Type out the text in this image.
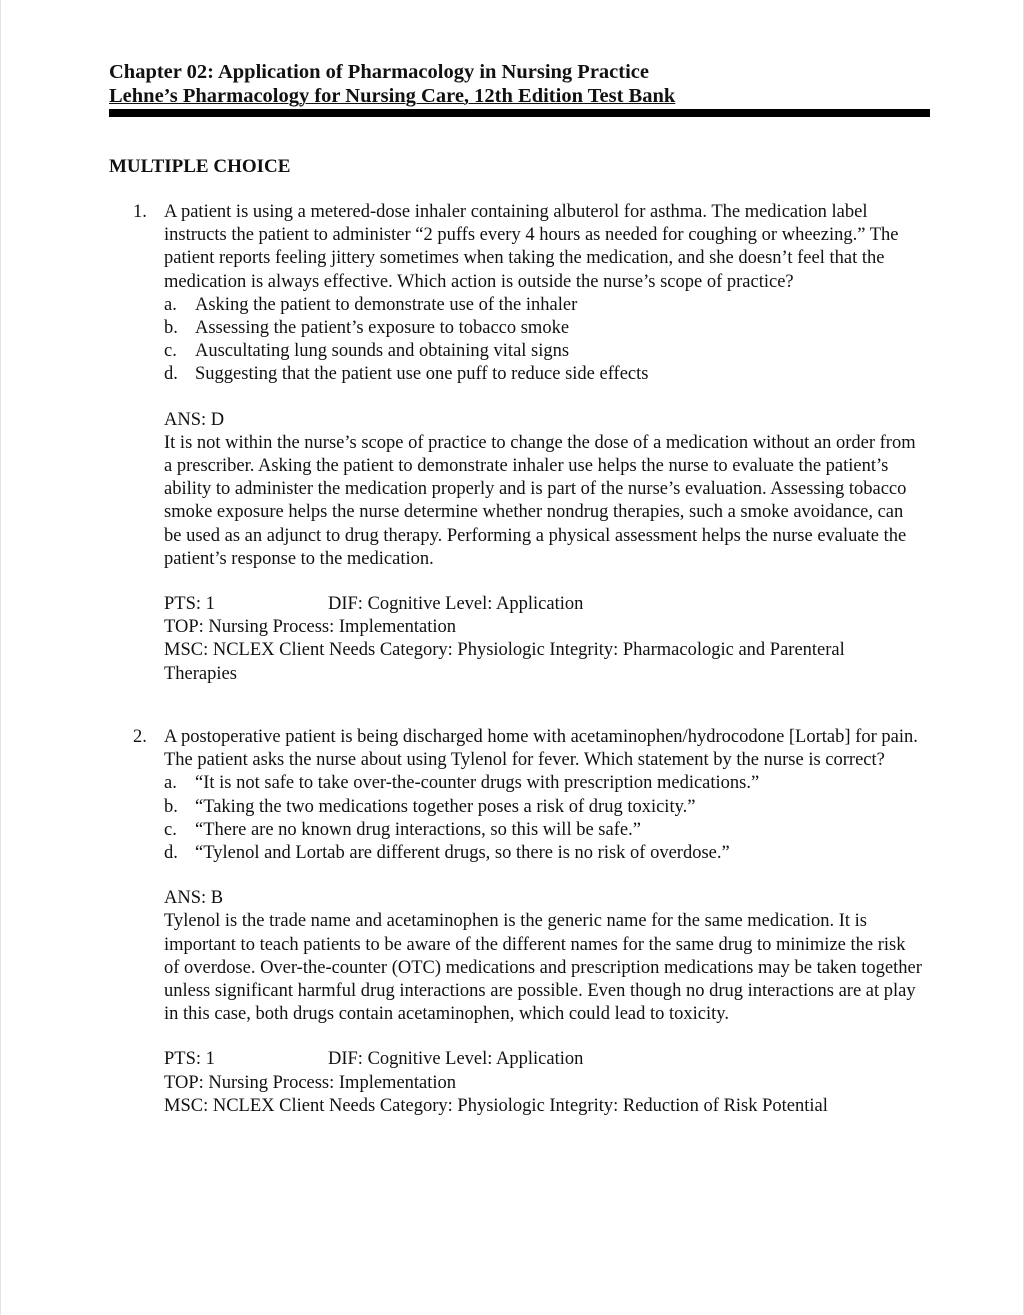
Chapter 02: Application of Pharmacology in Nursing Practice
Lehne’s Pharmacology for Nursing Care, 12th Edition Test Bank
MULTIPLE CHOICE
1. A patient is using a metered-dose inhaler containing albuterol for asthma. The medication label instructs the patient to administer “2 puffs every 4 hours as needed for coughing or wheezing.” The patient reports feeling jittery sometimes when taking the medication, and she doesn’t feel that the medication is always effective. Which action is outside the nurse’s scope of practice?
a. Asking the patient to demonstrate use of the inhaler
b. Assessing the patient’s exposure to tobacco smoke
c. Auscultating lung sounds and obtaining vital signs
d. Suggesting that the patient use one puff to reduce side effects
ANS: D
It is not within the nurse’s scope of practice to change the dose of a medication without an order from a prescriber. Asking the patient to demonstrate inhaler use helps the nurse to evaluate the patient’s ability to administer the medication properly and is part of the nurse’s evaluation. Assessing tobacco smoke exposure helps the nurse determine whether nondrug therapies, such a smoke avoidance, can be used as an adjunct to drug therapy. Performing a physical assessment helps the nurse evaluate the patient’s response to the medication.
PTS: 1	DIF: Cognitive Level: Application
TOP: Nursing Process: Implementation
MSC: NCLEX Client Needs Category: Physiologic Integrity: Pharmacologic and Parenteral Therapies
2. A postoperative patient is being discharged home with acetaminophen/hydrocodone [Lortab] for pain. The patient asks the nurse about using Tylenol for fever. Which statement by the nurse is correct?
a. “It is not safe to take over-the-counter drugs with prescription medications.”
b. “Taking the two medications together poses a risk of drug toxicity.”
c. “There are no known drug interactions, so this will be safe.”
d. “Tylenol and Lortab are different drugs, so there is no risk of overdose.”
ANS: B
Tylenol is the trade name and acetaminophen is the generic name for the same medication. It is important to teach patients to be aware of the different names for the same drug to minimize the risk of overdose. Over-the-counter (OTC) medications and prescription medications may be taken together unless significant harmful drug interactions are possible. Even though no drug interactions are at play in this case, both drugs contain acetaminophen, which could lead to toxicity.
PTS: 1	DIF: Cognitive Level: Application
TOP: Nursing Process: Implementation
MSC: NCLEX Client Needs Category: Physiologic Integrity: Reduction of Risk Potential
